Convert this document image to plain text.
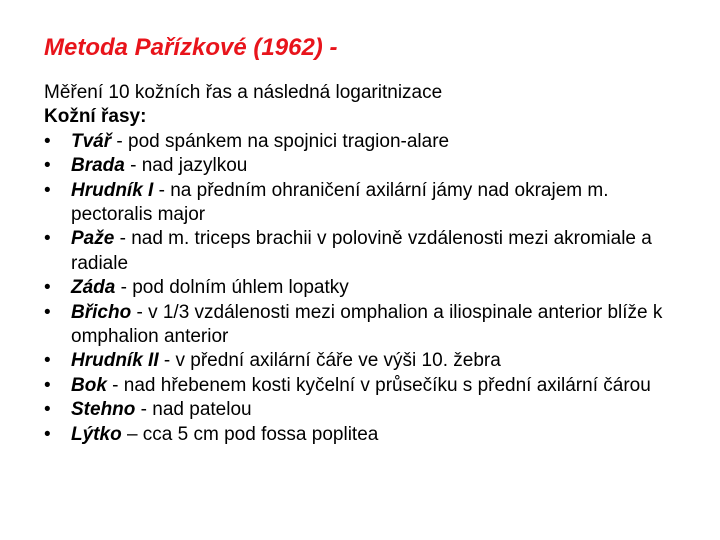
Metoda Pařízkové (1962) -
Měření 10 kožních řas a následná logaritnizace
Kožní řasy:
•	Tvář - pod spánkem na spojnici tragion-alare
•	Brada - nad jazylkou
•	Hrudník I - na předním ohraničení axilární jámy nad okrajem m. pectoralis major
•	Paže - nad m. triceps brachii v polovině vzdálenosti mezi akromiale a radiale
•	Záda - pod dolním úhlem lopatky
•	Břicho - v 1/3 vzdálenosti mezi omphalion a iliospinale anterior blíže k omphalion anterior
•	Hrudník II - v přední axilární čáře ve výši 10. žebra
•	Bok - nad hřebenem kosti kyčelní v průsečíku s přední axilární čárou
•	Stehno - nad patelou
•	Lýtko – cca 5 cm pod fossa poplitea
